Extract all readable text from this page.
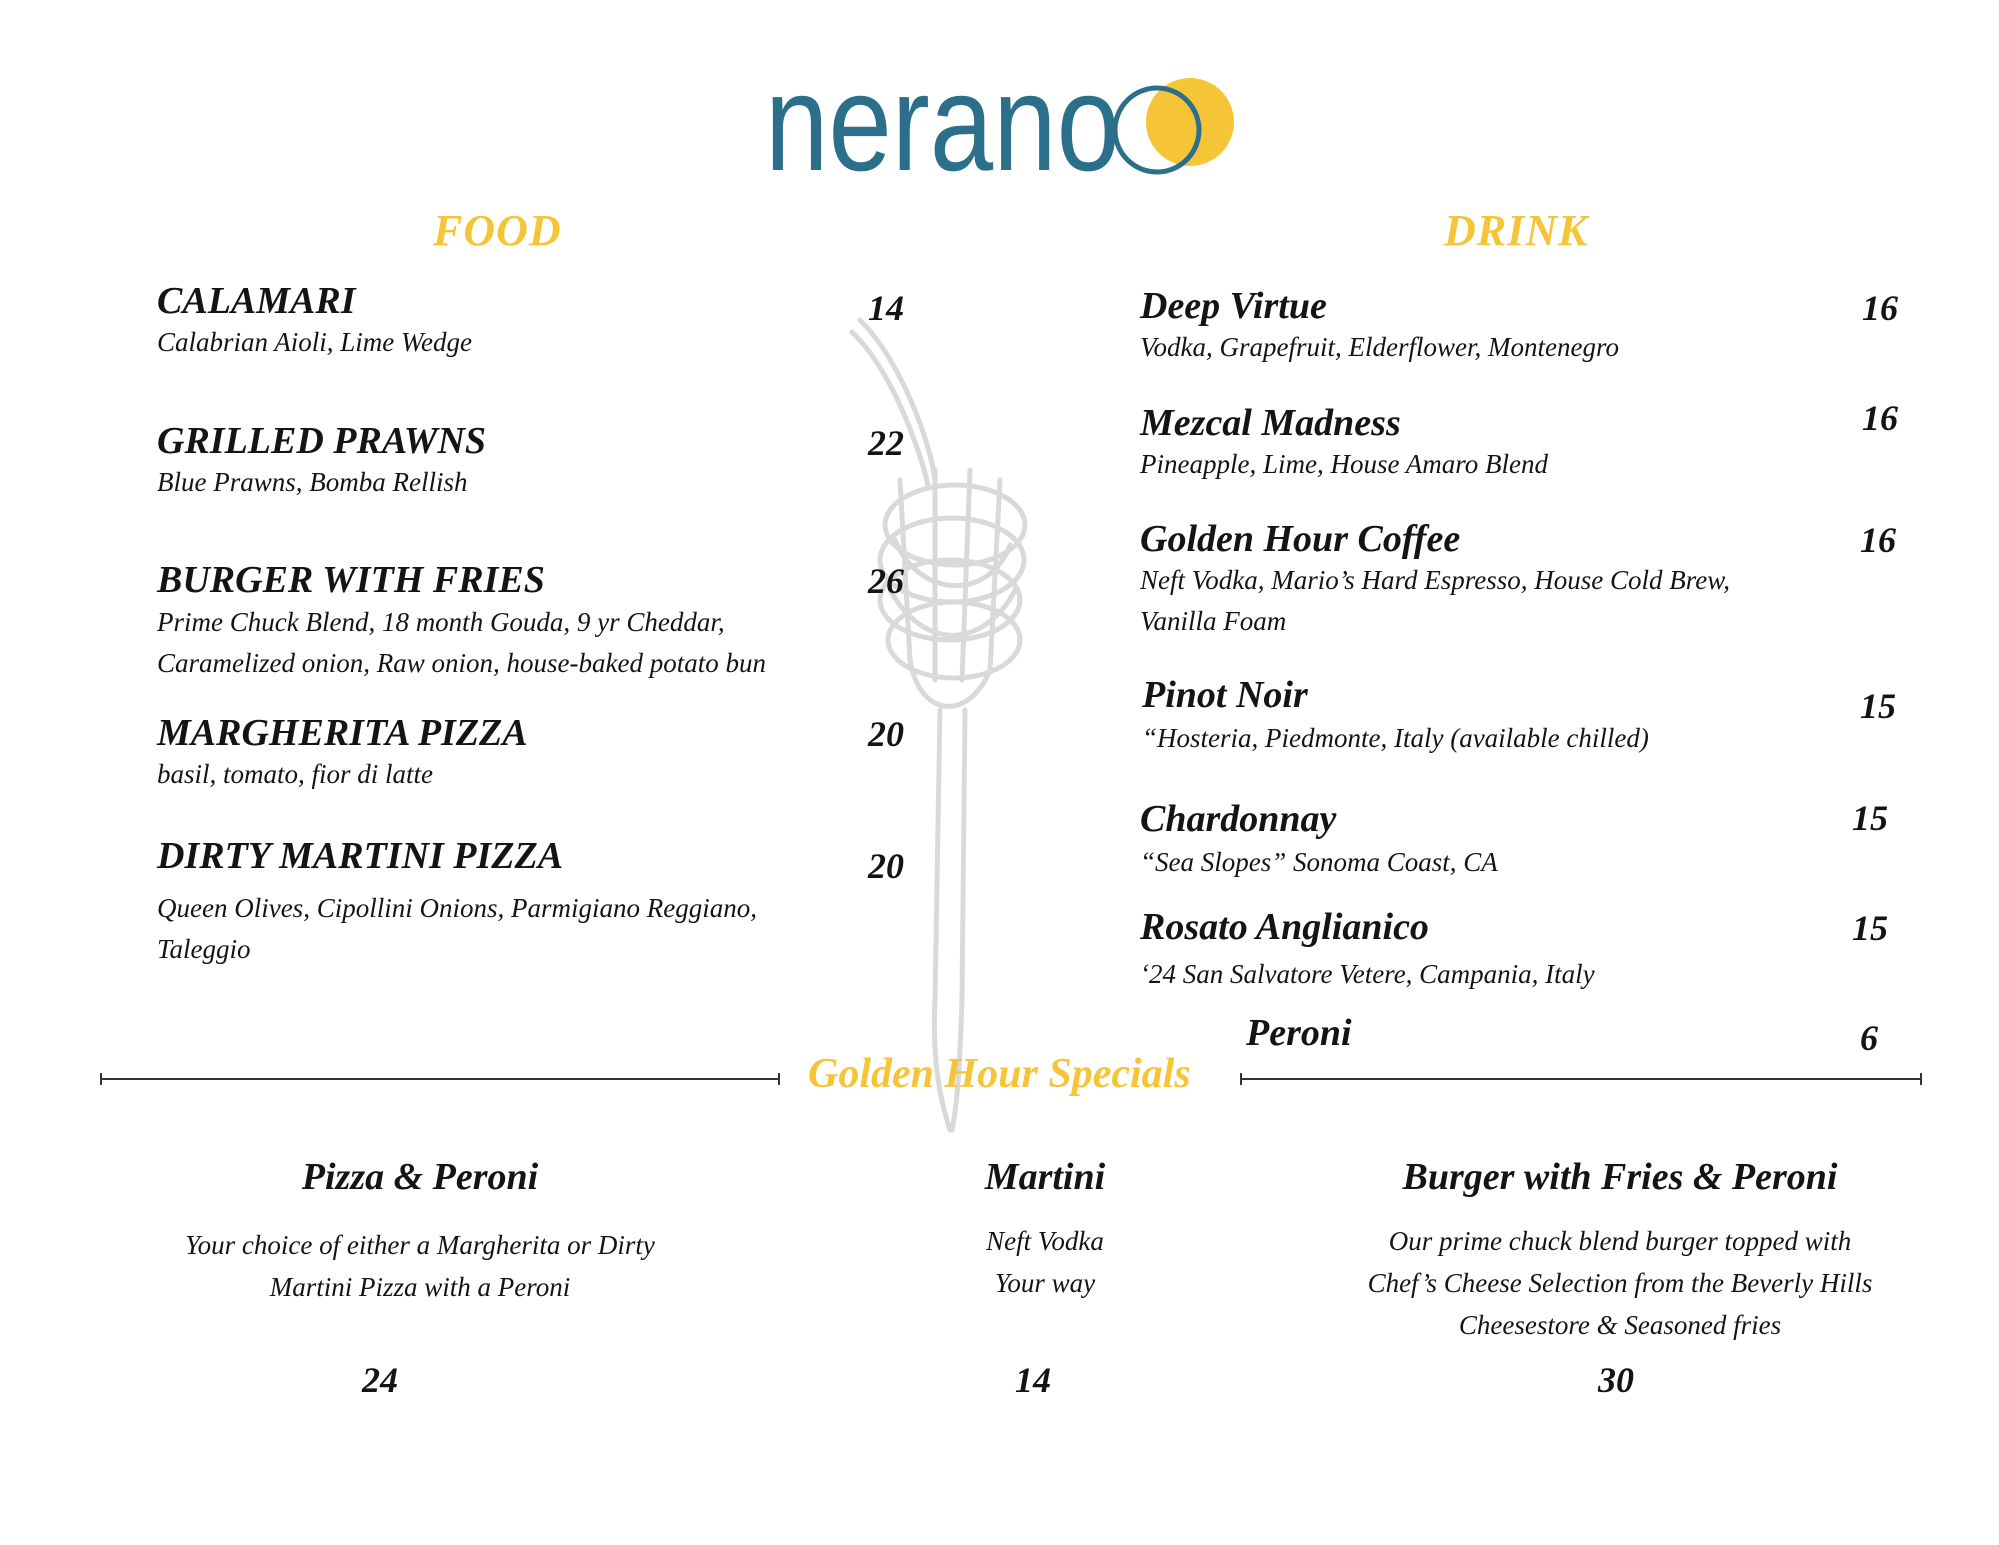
nerano
FOOD
CALAMARI	14
Calabrian Aioli, Lime Wedge
GRILLED PRAWNS	22
Blue Prawns, Bomba Rellish
BURGER WITH FRIES	26
Prime Chuck Blend, 18 month Gouda, 9 yr Cheddar,
Caramelized onion, Raw onion, house-baked potato bun
MARGHERITA PIZZA	20
basil, tomato, fior di latte
DIRTY MARTINI PIZZA	20
Queen Olives, Cipollini Onions, Parmigiano Reggiano,
Taleggio
DRINK
Deep Virtue	16
Vodka, Grapefruit, Elderflower, Montenegro
Mezcal Madness	16
Pineapple, Lime, House Amaro Blend
Golden Hour Coffee	16
Neft Vodka, Mario’s Hard Espresso, House Cold Brew,
Vanilla Foam
Pinot Noir	15
“Hosteria, Piedmonte, Italy (available chilled)
Chardonnay	15
“Sea Slopes” Sonoma Coast, CA
Rosato Anglianico	15
‘24 San Salvatore Vetere, Campania, Italy
Peroni	6
Golden Hour Specials
Pizza & Peroni
Your choice of either a Margherita or Dirty
Martini Pizza with a Peroni
24
Martini
Neft Vodka
Your way
14
Burger with Fries & Peroni
Our prime chuck blend burger topped with
Chef’s Cheese Selection from the Beverly Hills
Cheesestore & Seasoned fries
30
